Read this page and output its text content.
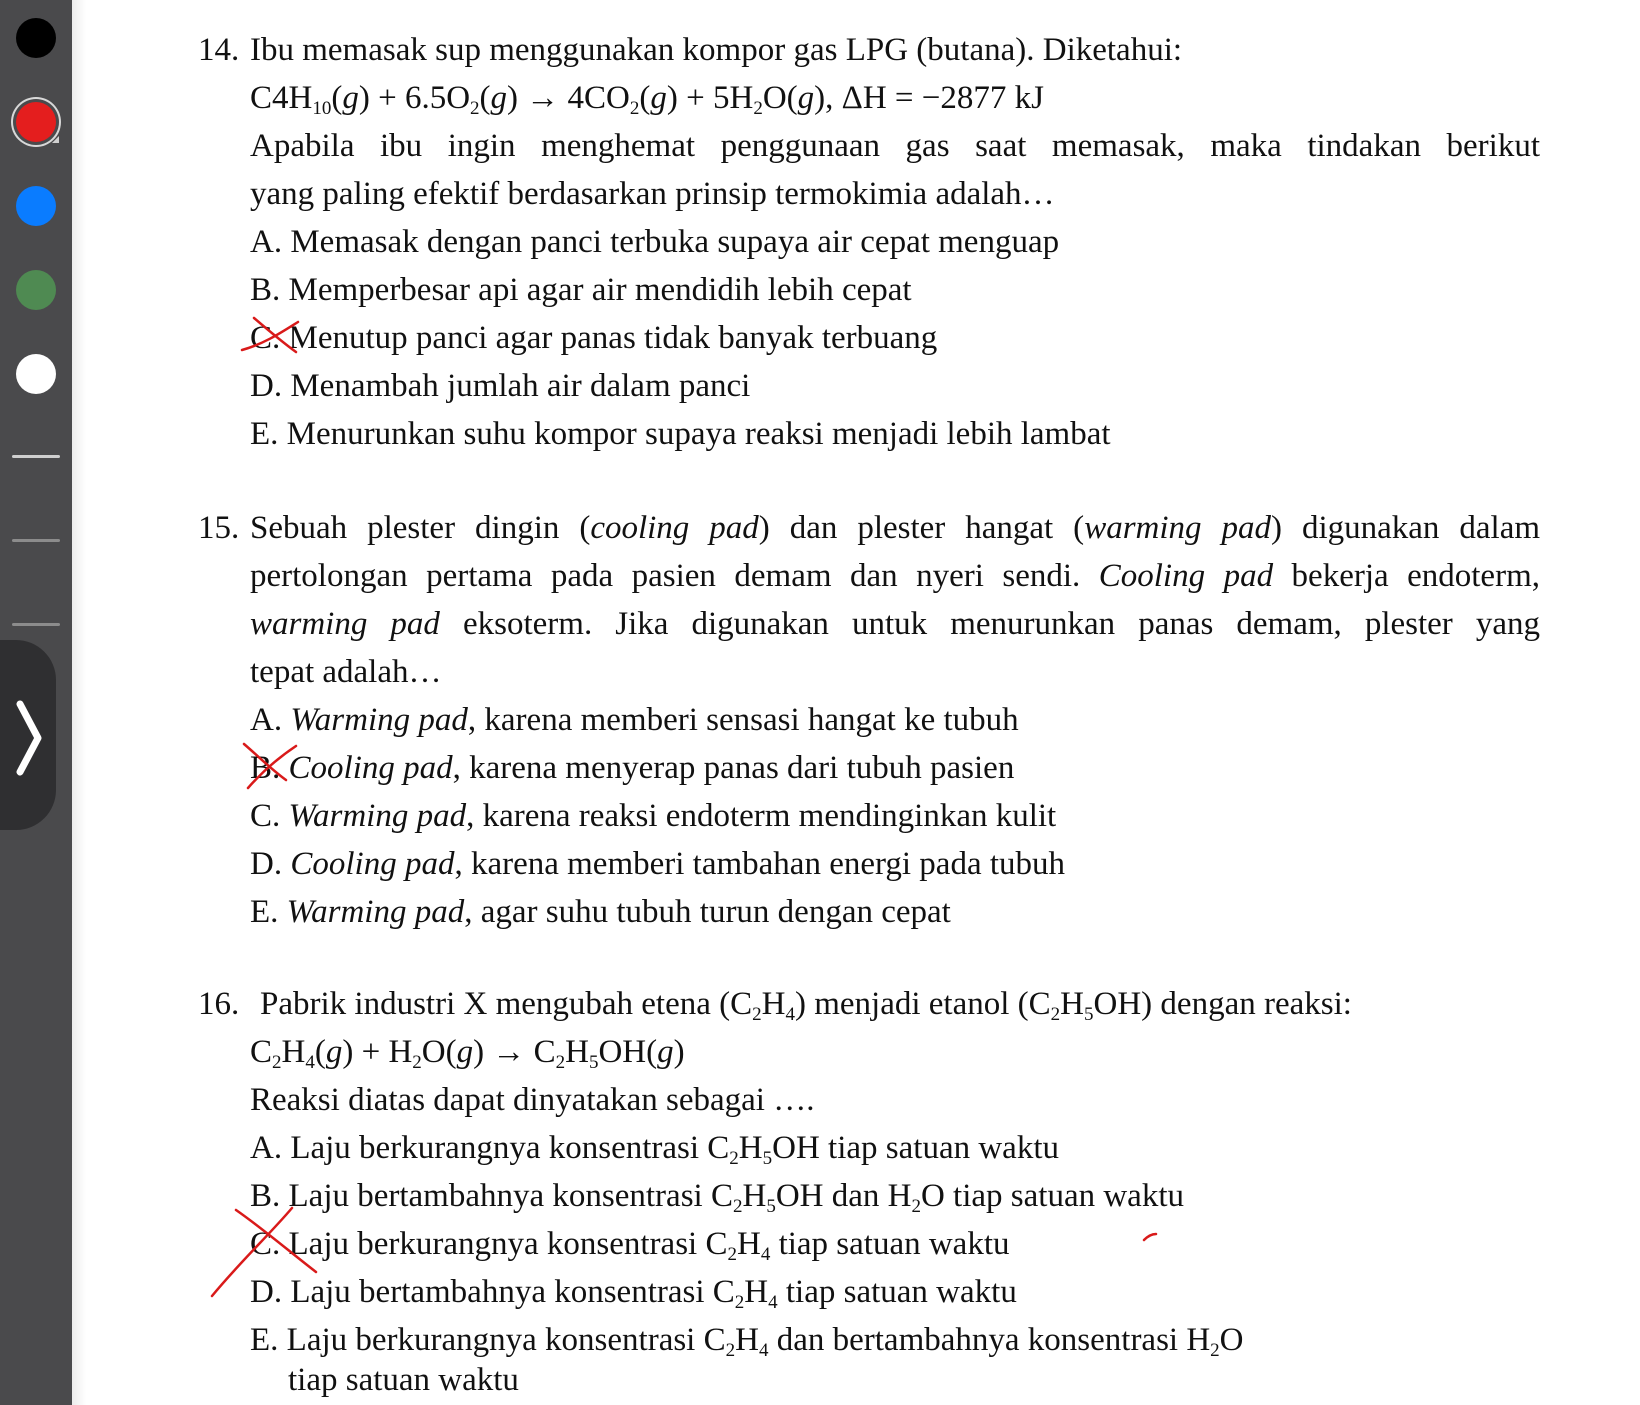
14. Ibu memasak sup menggunakan kompor gas LPG (butana). Diketahui:
$C4H_{10}(g) + 6.5O_2(g) \to 4CO_2(g) + 5H_2O(g)$, ΔH = −2877 kJ
Apabila ibu ingin menghemat penggunaan gas saat memasak, maka tindakan berikut
yang paling efektif berdasarkan prinsip termokimia adalah…
A. Memasak dengan panci terbuka supaya air cepat menguap
B. Memperbesar api agar air mendidih lebih cepat
C. Menutup panci agar panas tidak banyak terbuang
D. Menambah jumlah air dalam panci
E. Menurunkan suhu kompor supaya reaksi menjadi lebih lambat
15. Sebuah plester dingin (cooling pad) dan plester hangat (warming pad) digunakan dalam
pertolongan pertama pada pasien demam dan nyeri sendi. Cooling pad bekerja endoterm,
warming pad eksoterm. Jika digunakan untuk menurunkan panas demam, plester yang
tepat adalah…
A. Warming pad, karena memberi sensasi hangat ke tubuh
B. Cooling pad, karena menyerap panas dari tubuh pasien
C. Warming pad, karena reaksi endoterm mendinginkan kulit
D. Cooling pad, karena memberi tambahan energi pada tubuh
E. Warming pad, agar suhu tubuh turun dengan cepat
16. Pabrik industri X mengubah etena $(C_2H_4)$ menjadi etanol $(C_2H_5OH)$ dengan reaksi:
$C_2H_4(g) + H_2O(g) \to C_2H_5OH(g)$
Reaksi diatas dapat dinyatakan sebagai ….
A. Laju berkurangnya konsentrasi $C_2H_5OH$ tiap satuan waktu
B. Laju bertambahnya konsentrasi $C_2H_5OH$ dan $H_2O$ tiap satuan waktu
C. Laju berkurangnya konsentrasi $C_2H_4$ tiap satuan waktu
D. Laju bertambahnya konsentrasi $C_2H_4$ tiap satuan waktu
E. Laju berkurangnya konsentrasi $C_2H_4$ dan bertambahnya konsentrasi $H_2O$
tiap satuan waktu
